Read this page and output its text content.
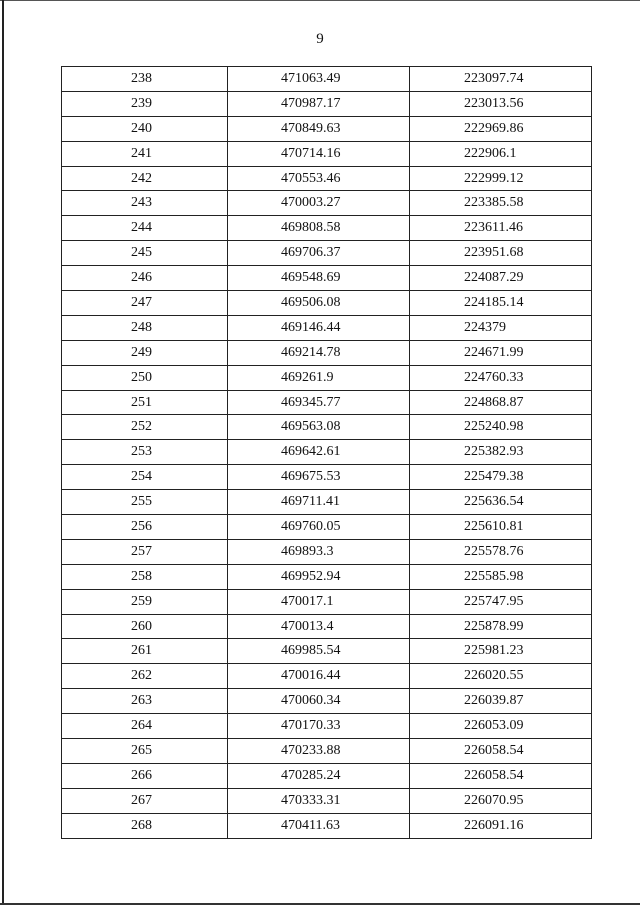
9
238	471063.49	223097.74
239	470987.17	223013.56
240	470849.63	222969.86
241	470714.16	222906.1
242	470553.46	222999.12
243	470003.27	223385.58
244	469808.58	223611.46
245	469706.37	223951.68
246	469548.69	224087.29
247	469506.08	224185.14
248	469146.44	224379
249	469214.78	224671.99
250	469261.9	224760.33
251	469345.77	224868.87
252	469563.08	225240.98
253	469642.61	225382.93
254	469675.53	225479.38
255	469711.41	225636.54
256	469760.05	225610.81
257	469893.3	225578.76
258	469952.94	225585.98
259	470017.1	225747.95
260	470013.4	225878.99
261	469985.54	225981.23
262	470016.44	226020.55
263	470060.34	226039.87
264	470170.33	226053.09
265	470233.88	226058.54
266	470285.24	226058.54
267	470333.31	226070.95
268	470411.63	226091.16
